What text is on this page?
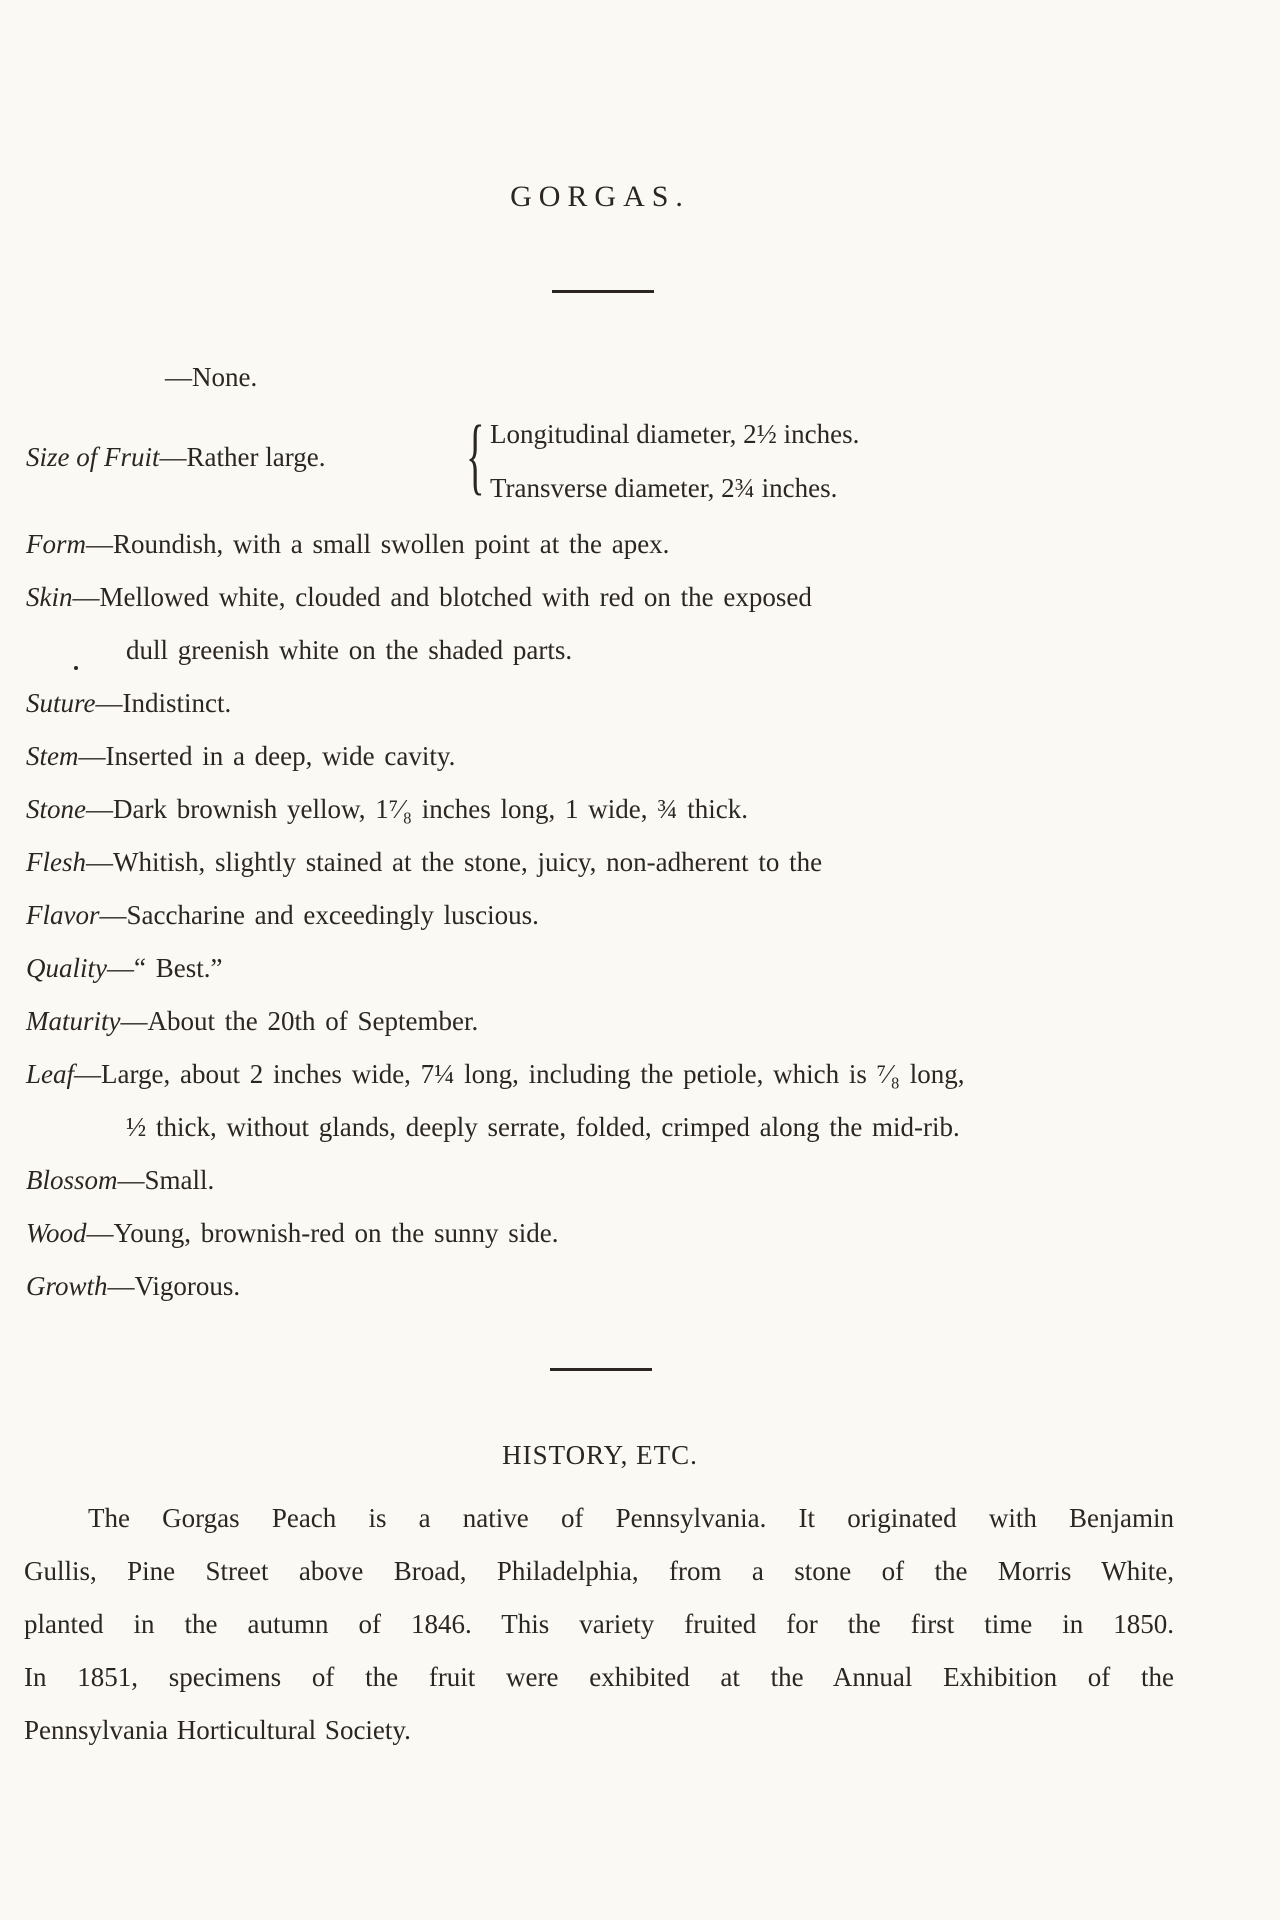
GORGAS.
—None.
Size of Fruit—Rather large. { Longitudinal diameter, 2½ inches.
Transverse diameter, 2¾ inches.
Form—Roundish, with a small swollen point at the apex.
Skin—Mellowed white, clouded and blotched with red on the exposed
dull greenish white on the shaded parts.
Suture—Indistinct.
Stem—Inserted in a deep, wide cavity.
Stone—Dark brownish yellow, 1⁷⁄₈ inches long, 1 wide, ¾ thick.
Flesh—Whitish, slightly stained at the stone, juicy, non-adherent to the
Flavor—Saccharine and exceedingly luscious.
Quality—“ Best.”
Maturity—About the 20th of September.
Leaf—Large, about 2 inches wide, 7¼ long, including the petiole, which is ⁷⁄₈ long,
½ thick, without glands, deeply serrate, folded, crimped along the mid-rib.
Blossom—Small.
Wood—Young, brownish-red on the sunny side.
Growth—Vigorous.
HISTORY, ETC.
The Gorgas Peach is a native of Pennsylvania. It originated with Benjamin
Gullis, Pine Street above Broad, Philadelphia, from a stone of the Morris White,
planted in the autumn of 1846. This variety fruited for the first time in 1850.
In 1851, specimens of the fruit were exhibited at the Annual Exhibition of the
Pennsylvania Horticultural Society.
